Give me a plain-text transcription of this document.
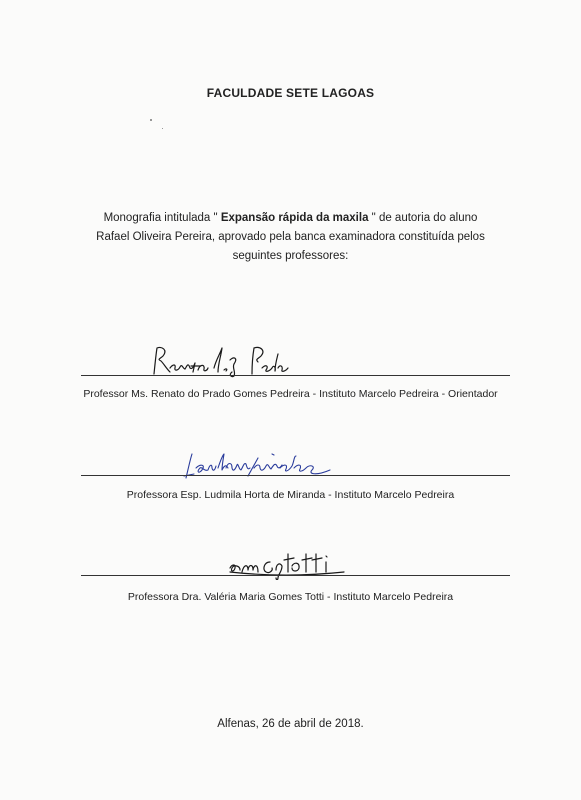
FACULDADE SETE LAGOAS
Monografia intitulada " Expansão rápida da maxila " de autoria do aluno Rafael Oliveira Pereira, aprovado pela banca examinadora constituída pelos seguintes professores:
Professor Ms. Renato do Prado Gomes Pedreira - Instituto Marcelo Pedreira - Orientador
Professora Esp. Ludmila Horta de Miranda - Instituto Marcelo Pedreira
Professora Dra. Valéria Maria Gomes Totti - Instituto Marcelo Pedreira
Alfenas, 26 de abril de 2018.
